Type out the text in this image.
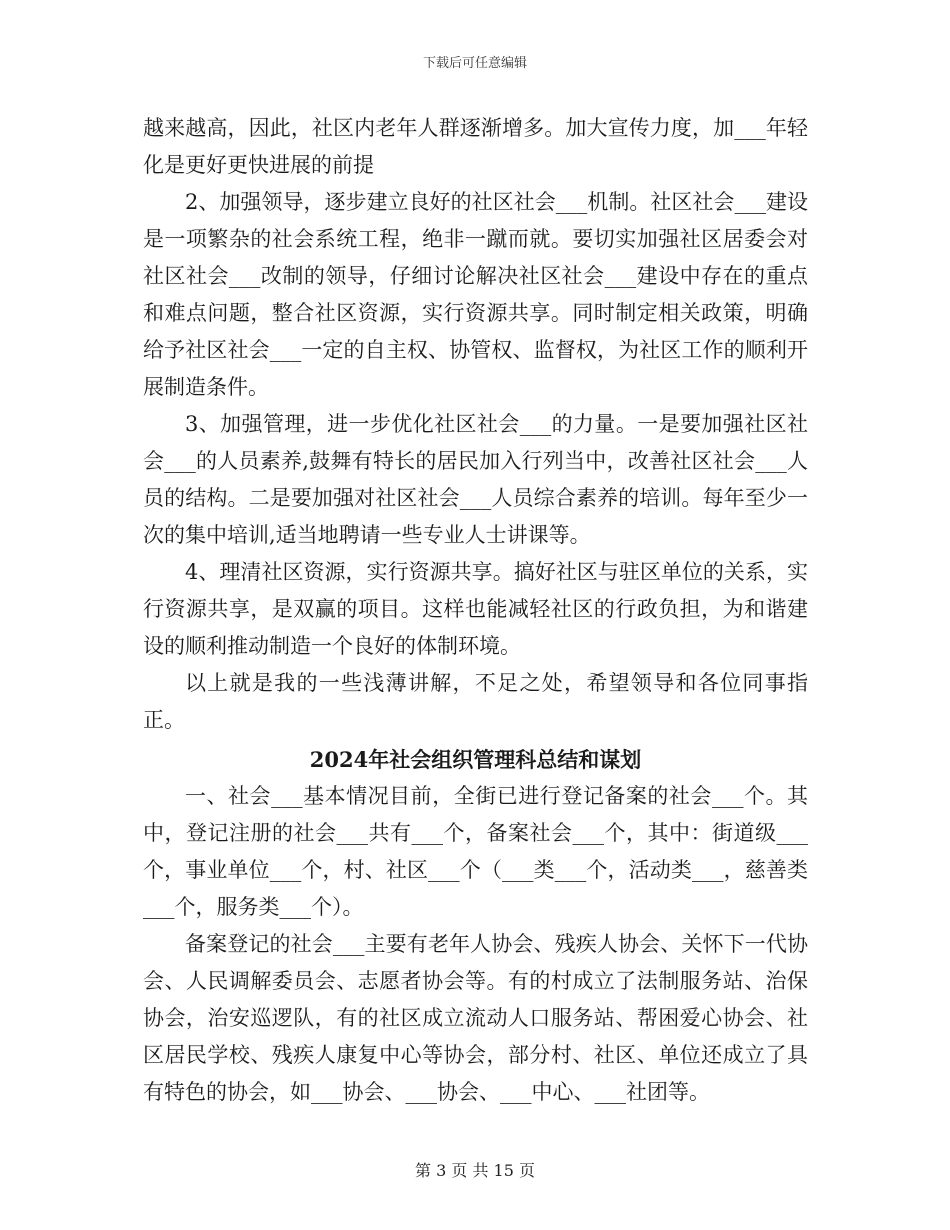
下载后可任意编辑

越来越高，因此，社区内老年人群逐渐增多。加大宣传力度，加___年轻化是更好更快进展的前提

2、加强领导，逐步建立良好的社区社会___机制。社区社会___建设是一项繁杂的社会系统工程，绝非一蹴而就。要切实加强社区居委会对社区社会___改制的领导，仔细讨论解决社区社会___建设中存在的重点和难点问题，整合社区资源，实行资源共享。同时制定相关政策，明确给予社区社会___一定的自主权、协管权、监督权，为社区工作的顺利开展制造条件。

3、加强管理，进一步优化社区社会___的力量。一是要加强社区社会___的人员素养,鼓舞有特长的居民加入行列当中，改善社区社会___人员的结构。二是要加强对社区社会___人员综合素养的培训。每年至少一次的集中培训,适当地聘请一些专业人士讲课等。

4、理清社区资源，实行资源共享。搞好社区与驻区单位的关系，实行资源共享，是双赢的项目。这样也能减轻社区的行政负担，为和谐建设的顺利推动制造一个良好的体制环境。

以上就是我的一些浅薄讲解，不足之处，希望领导和各位同事指正。

2024年社会组织管理科总结和谋划

一、社会___基本情况目前，全街已进行登记备案的社会___个。其中，登记注册的社会___共有___个，备案社会___个，其中：街道级___个，事业单位___个，村、社区___个（___类___个，活动类___，慈善类___个，服务类___个）。

备案登记的社会___主要有老年人协会、残疾人协会、关怀下一代协会、人民调解委员会、志愿者协会等。有的村成立了法制服务站、治保协会，治安巡逻队，有的社区成立流动人口服务站、帮困爱心协会、社区居民学校、残疾人康复中心等协会，部分村、社区、单位还成立了具有特色的协会，如___协会、___协会、___中心、___社团等。

第 3 页 共 15 页
